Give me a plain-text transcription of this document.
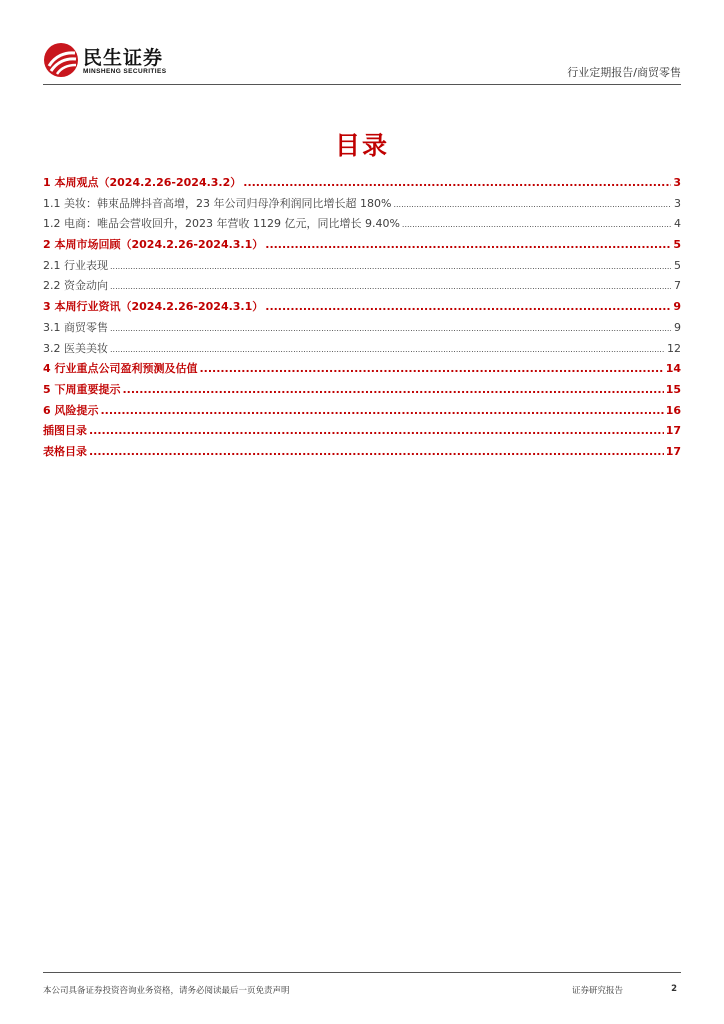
民生证券
MINSHENG SECURITIES	行业定期报告/商贸零售
目录
1 本周观点（2024.2.26-2024.3.2） .....	3
1.1 美妆：韩束品牌抖音高增，23 年公司归母净利润同比增长超 180% .....	3
1.2 电商：唯品会营收回升，2023 年营收 1129 亿元，同比增长 9.40% .....	4
2 本周市场回顾（2024.2.26-2024.3.1） .....	5
2.1 行业表现 .....	5
2.2 资金动向 .....	7
3 本周行业资讯（2024.2.26-2024.3.1） .....	9
3.1 商贸零售 .....	9
3.2 医美美妆 .....	12
4 行业重点公司盈利预测及估值 .....	14
5 下周重要提示 .....	15
6 风险提示 .....	16
插图目录 .....	17
表格目录 .....	17
本公司具备证券投资咨询业务资格，请务必阅读最后一页免责声明	证券研究报告	2
